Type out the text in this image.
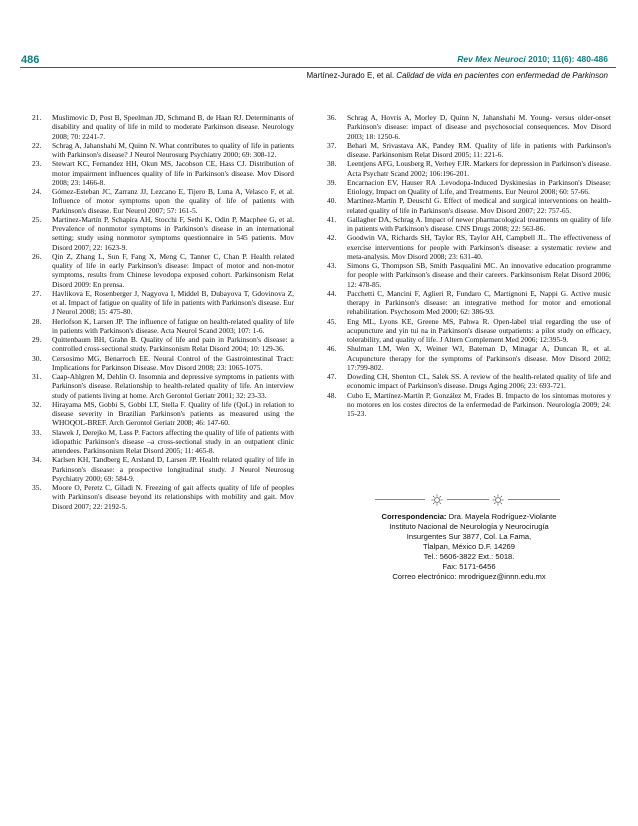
486	Rev Mex Neuroci 2010; 11(6): 480-486
Martínez-Jurado E, et al. Calidad de vida en pacientes con enfermedad de Parkinson

21. Muslimovic D, Post B, Speelman JD, Schmand B, de Haan RJ. Determinants of disability and quality of life in mild to moderate Parkinson disease. Neurology 2008; 70: 2241-7.

22. Schrag A, Jahanshahi M, Quinn N. What contributes to quality of life in patients with Parkinson's disease? J Neurol Neurosurg Psychiatry 2000; 69: 308-12.

23. Stewart KC, Fernandez HH, Okun MS, Jacobson CE, Hass CJ. Distribution of motor impairment influences quality of life in Parkinson's disease. Mov Disord 2008; 23: 1466-8.

24. Gómez-Esteban JC, Zarranz JJ, Lezcano E, Tijero B, Luna A, Velasco F, et al. Influence of motor symptoms upon the quality of life of patients with Parkinson's disease. Eur Neurol 2007; 57: 161-5.

25. Martinez-Martín P, Schapira AH, Stocchi F, Sethi K, Odin P, Macphee G, et al. Prevalence of nonmotor symptoms in Parkinson's disease in an international setting; study using nonmotor symptoms questionnaire in 545 patients. Mov Disord 2007; 22: 1623-9.

26. Qin Z, Zhang L, Sun F, Fang X, Meng C, Tanner C, Chan P. Health related quality of life in early Parkinson's disease: Impact of motor and non-motor symptoms, results from Chinese levodopa exposed cohort. Parkinsonism Relat Disord 2009: En prensa.

27. Havlikova E, Rosenberger J, Nagyova I, Middel B, Dubayova T, Gdovinova Z, et al. Impact of fatigue on quality of life in patients with Parkinson's disease. Eur J Neurol 2008; 15: 475-80.

28. Herlofson K, Larsen JP. The influence of fatigue on health-related quality of life in patients with Parkinson's disease. Acta Neurol Scand 2003; 107: 1-6.

29. Quittenbaum BH, Grahn B. Quality of life and pain in Parkinson's disease: a controlled cross-sectional study. Parkinsonism Relat Disord 2004; 10: 129-36.

30. Cersosimo MG, Benarroch EE. Neural Control of the Gastrointestinal Tract: Implications for Parkinson Disease. Mov Disord 2008; 23: 1065-1075.

31. Caap-Ahlgren M, Dehlin O. Insomnia and depressive symptoms in patients with Parkinson's disease. Relationship to health-related quality of life. An interview study of patients living at home. Arch Gerontol Geriatr 2001; 32: 23-33.

32. Hirayama MS, Gobbi S, Gobbi LT, Stella F. Quality of life (QoL) in relation to disease severity in Brazilian Parkinson's patients as measured using the WHOQOL-BREF. Arch Gerontol Geriatr 2008; 46: 147-60.

33. Slawek J, Derejko M, Lass P. Factors affecting the quality of life of patients with idiopathic Parkinson's disease –a cross-sectional study in an outpatient clinic attendees. Parkinsonism Relat Disord 2005; 11: 465-8.

34. Karlsen KH, Tandberg E, Arsland D, Larsen JP. Health related quality of life in Parkinson's disease: a prospective longitudinal study. J Neurol Neurosug Psychiatry 2000; 69: 584-9.

35. Moore O, Peretz C, Giladi N. Freezing of gait affects quality of life of peoples with Parkinson's disease beyond its relationships with mobility and gait. Mov Disord 2007; 22: 2192-5.

36. Schrag A, Hovris A, Morley D, Quinn N, Jahanshahi M. Young- versus older-onset Parkinson's disease: impact of disease and psychosocial consequences. Mov Disord 2003; 18: 1250-6.

37. Behari M, Srivastava AK, Pandey RM. Quality of life in patients with Parkinson's disease. Parkinsonism Relat Disord 2005; 11: 221-6.

38. Leentjens AFG, Lousberg R, Verhey FJR. Markers for depression in Parkinson's disease. Acta Psychatr Scand 2002; 106:196-201.

39. Encarnacion EV, Hauser RA .Levodopa-Induced Dyskinesias in Parkinson's Disease: Etiology, Impact on Quality of Life, and Treatments. Eur Neurol 2008; 60: 57-66.

40. Martínez-Martín P, Deuschl G. Effect of medical and surgical interventions on health-related quality of life in Parkinson's disease. Mov Disord 2007; 22: 757-65.

41. Gallagher DA, Schrag A. Impact of newer pharmacological treatments on quality of life in patients with Parkinson's disease. CNS Drugs 2008; 22: 563-86.

42. Goodwin VA, Richards SH, Taylor RS, Taylor AH, Campbell JL. The effectiveness of exercise interventions for people with Parkinson's disease: a systematic review and meta-analysis. Mov Disord 2008; 23: 631-40.

43. Simons G, Thompson SB, Smith Pasqualini MC. An innovative education programme for people with Parkinson's disease and their careers. Parkinsonism Relat Disord 2006; 12: 478-85.

44. Pacchetti C, Mancini F, Aglieri R, Fundaro C, Martignoni E, Nappi G. Active music therapy in Parkinson's disease: an integrative method for motor and emotional rehabilitation. Psychosom Med 2000; 62: 386-93.

45. Eng ML, Lyons KE, Greene MS, Pahwa R. Open-label trial regarding the use of acupuncture and yin tui na in Parkinson's disease outpatients: a pilot study on efficacy, tolerability, and quality of life. J Altern Complement Med 2006; 12:395-9.

46. Shulman LM, Wen X, Weiner WJ, Bateman D, Minagar A, Duncan R, et al. Acupuncture therapy for the symptoms of Parkinson's disease. Mov Disord 2002; 17:799-802.

47. Dowding CH, Shenton CL, Salek SS. A review of the health-related quality of life and economic impact of Parkinson's disease. Drugs Aging 2006; 23: 693-721.

48. Cubo E, Martínez-Martín P, González M, Frades B. Impacto de los síntomas motores y no motores en los costes directos de la enfermedad de Parkinson. Neurología 2009; 24: 15-23.

Correspondencia: Dra. Mayela Rodríguez-Violante
Instituto Nacional de Neurología y Neurocirugía
Insurgentes Sur 3877, Col. La Fama,
Tlalpan, México D.F. 14269
Tel.: 5606-3822 Ext.: 5018.
Fax: 5171-6456
Correo electrónico: mrodriguez@innn.edu.mx
